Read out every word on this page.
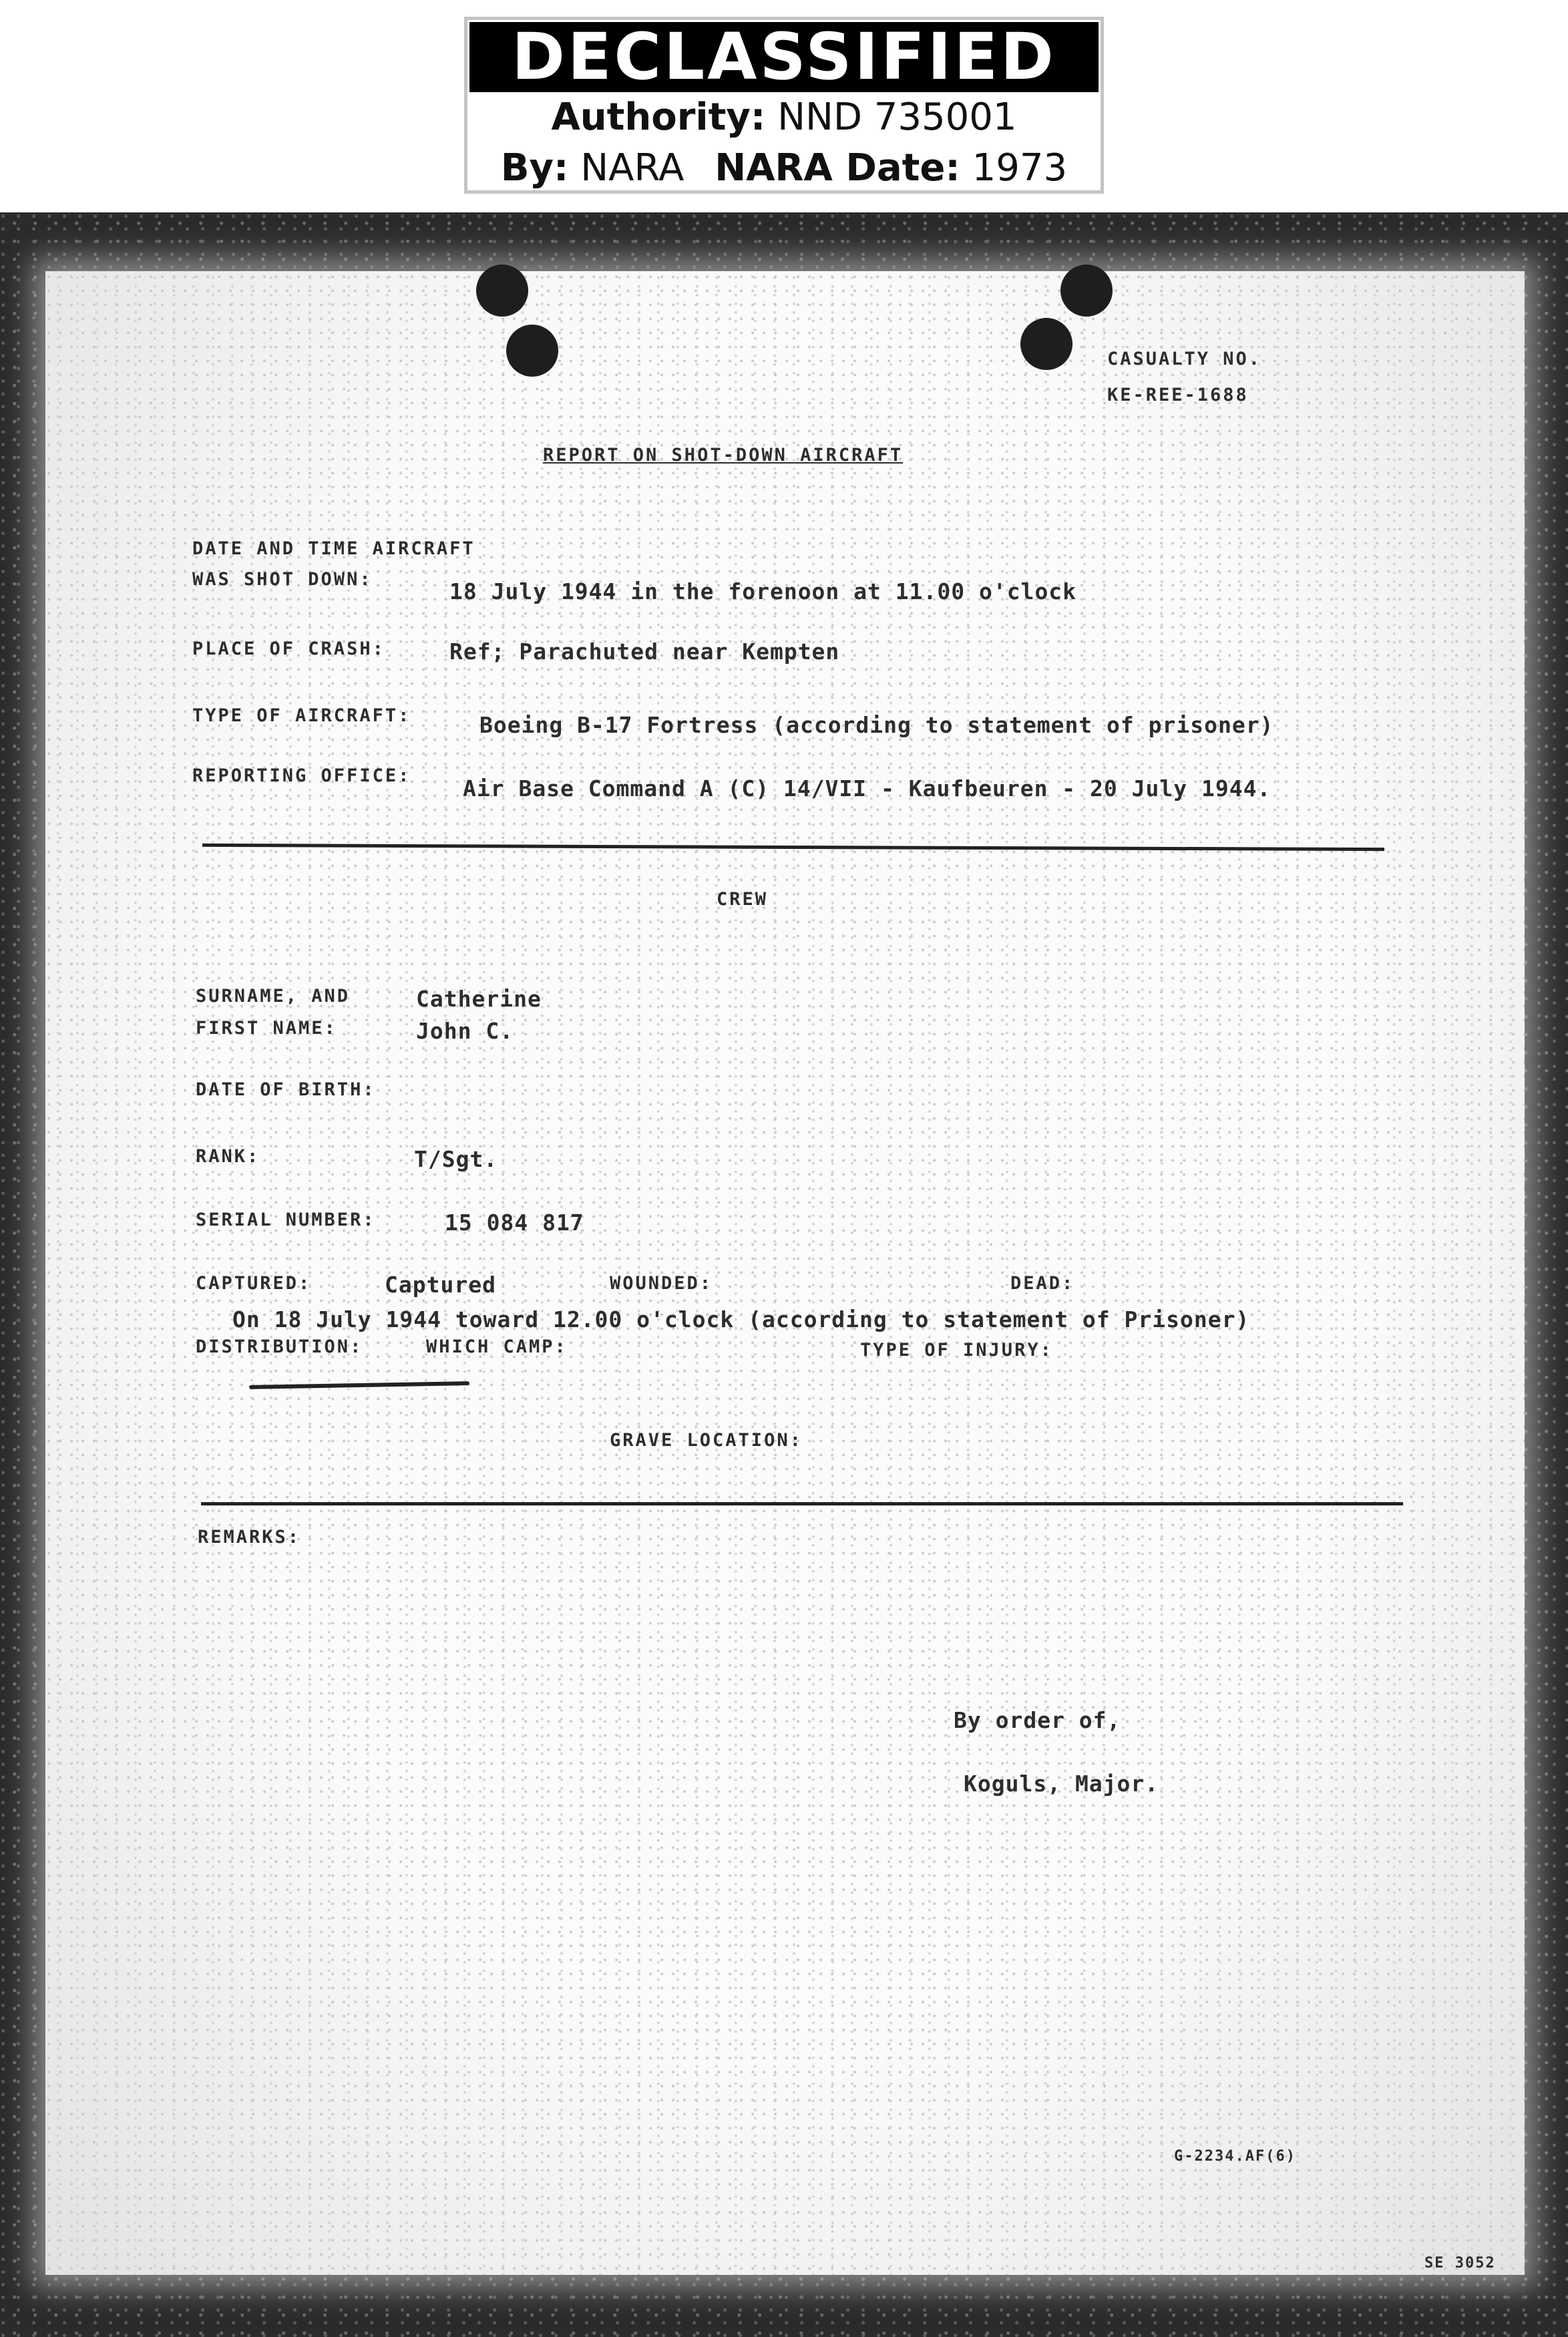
DECLASSIFIED
Authority: NND 735001
By: NARA NARA Date: 1973
CASUALTY NO.
KE-REE-1688
REPORT ON SHOT-DOWN AIRCRAFT
DATE AND TIME AIRCRAFT
WAS SHOT DOWN:	18 July 1944 in the forenoon at 11.00 o'clock
PLACE OF CRASH:	Ref; Parachuted near Kempten
TYPE OF AIRCRAFT:	Boeing B-17 Fortress (according to statement of prisoner)
REPORTING OFFICE: Air Base Command A (C) 14/VII - Kaufbeuren - 20 July 1944.
CREW
SURNAME, AND
FIRST NAME:
Catherine
John C.
DATE OF BIRTH:
RANK:	T/Sgt.
SERIAL NUMBER:	15 084 817
CAPTURED:	Captured	WOUNDED:	DEAD:
On 18 July 1944 toward 12.00 o'clock (according to statement of Prisoner)
DISTRIBUTION:	WHICH CAMP:	TYPE OF INJURY:
GRAVE LOCATION:
REMARKS:
By order of,
Koguls, Major.
G-2234.AF(6)
SE 3052
